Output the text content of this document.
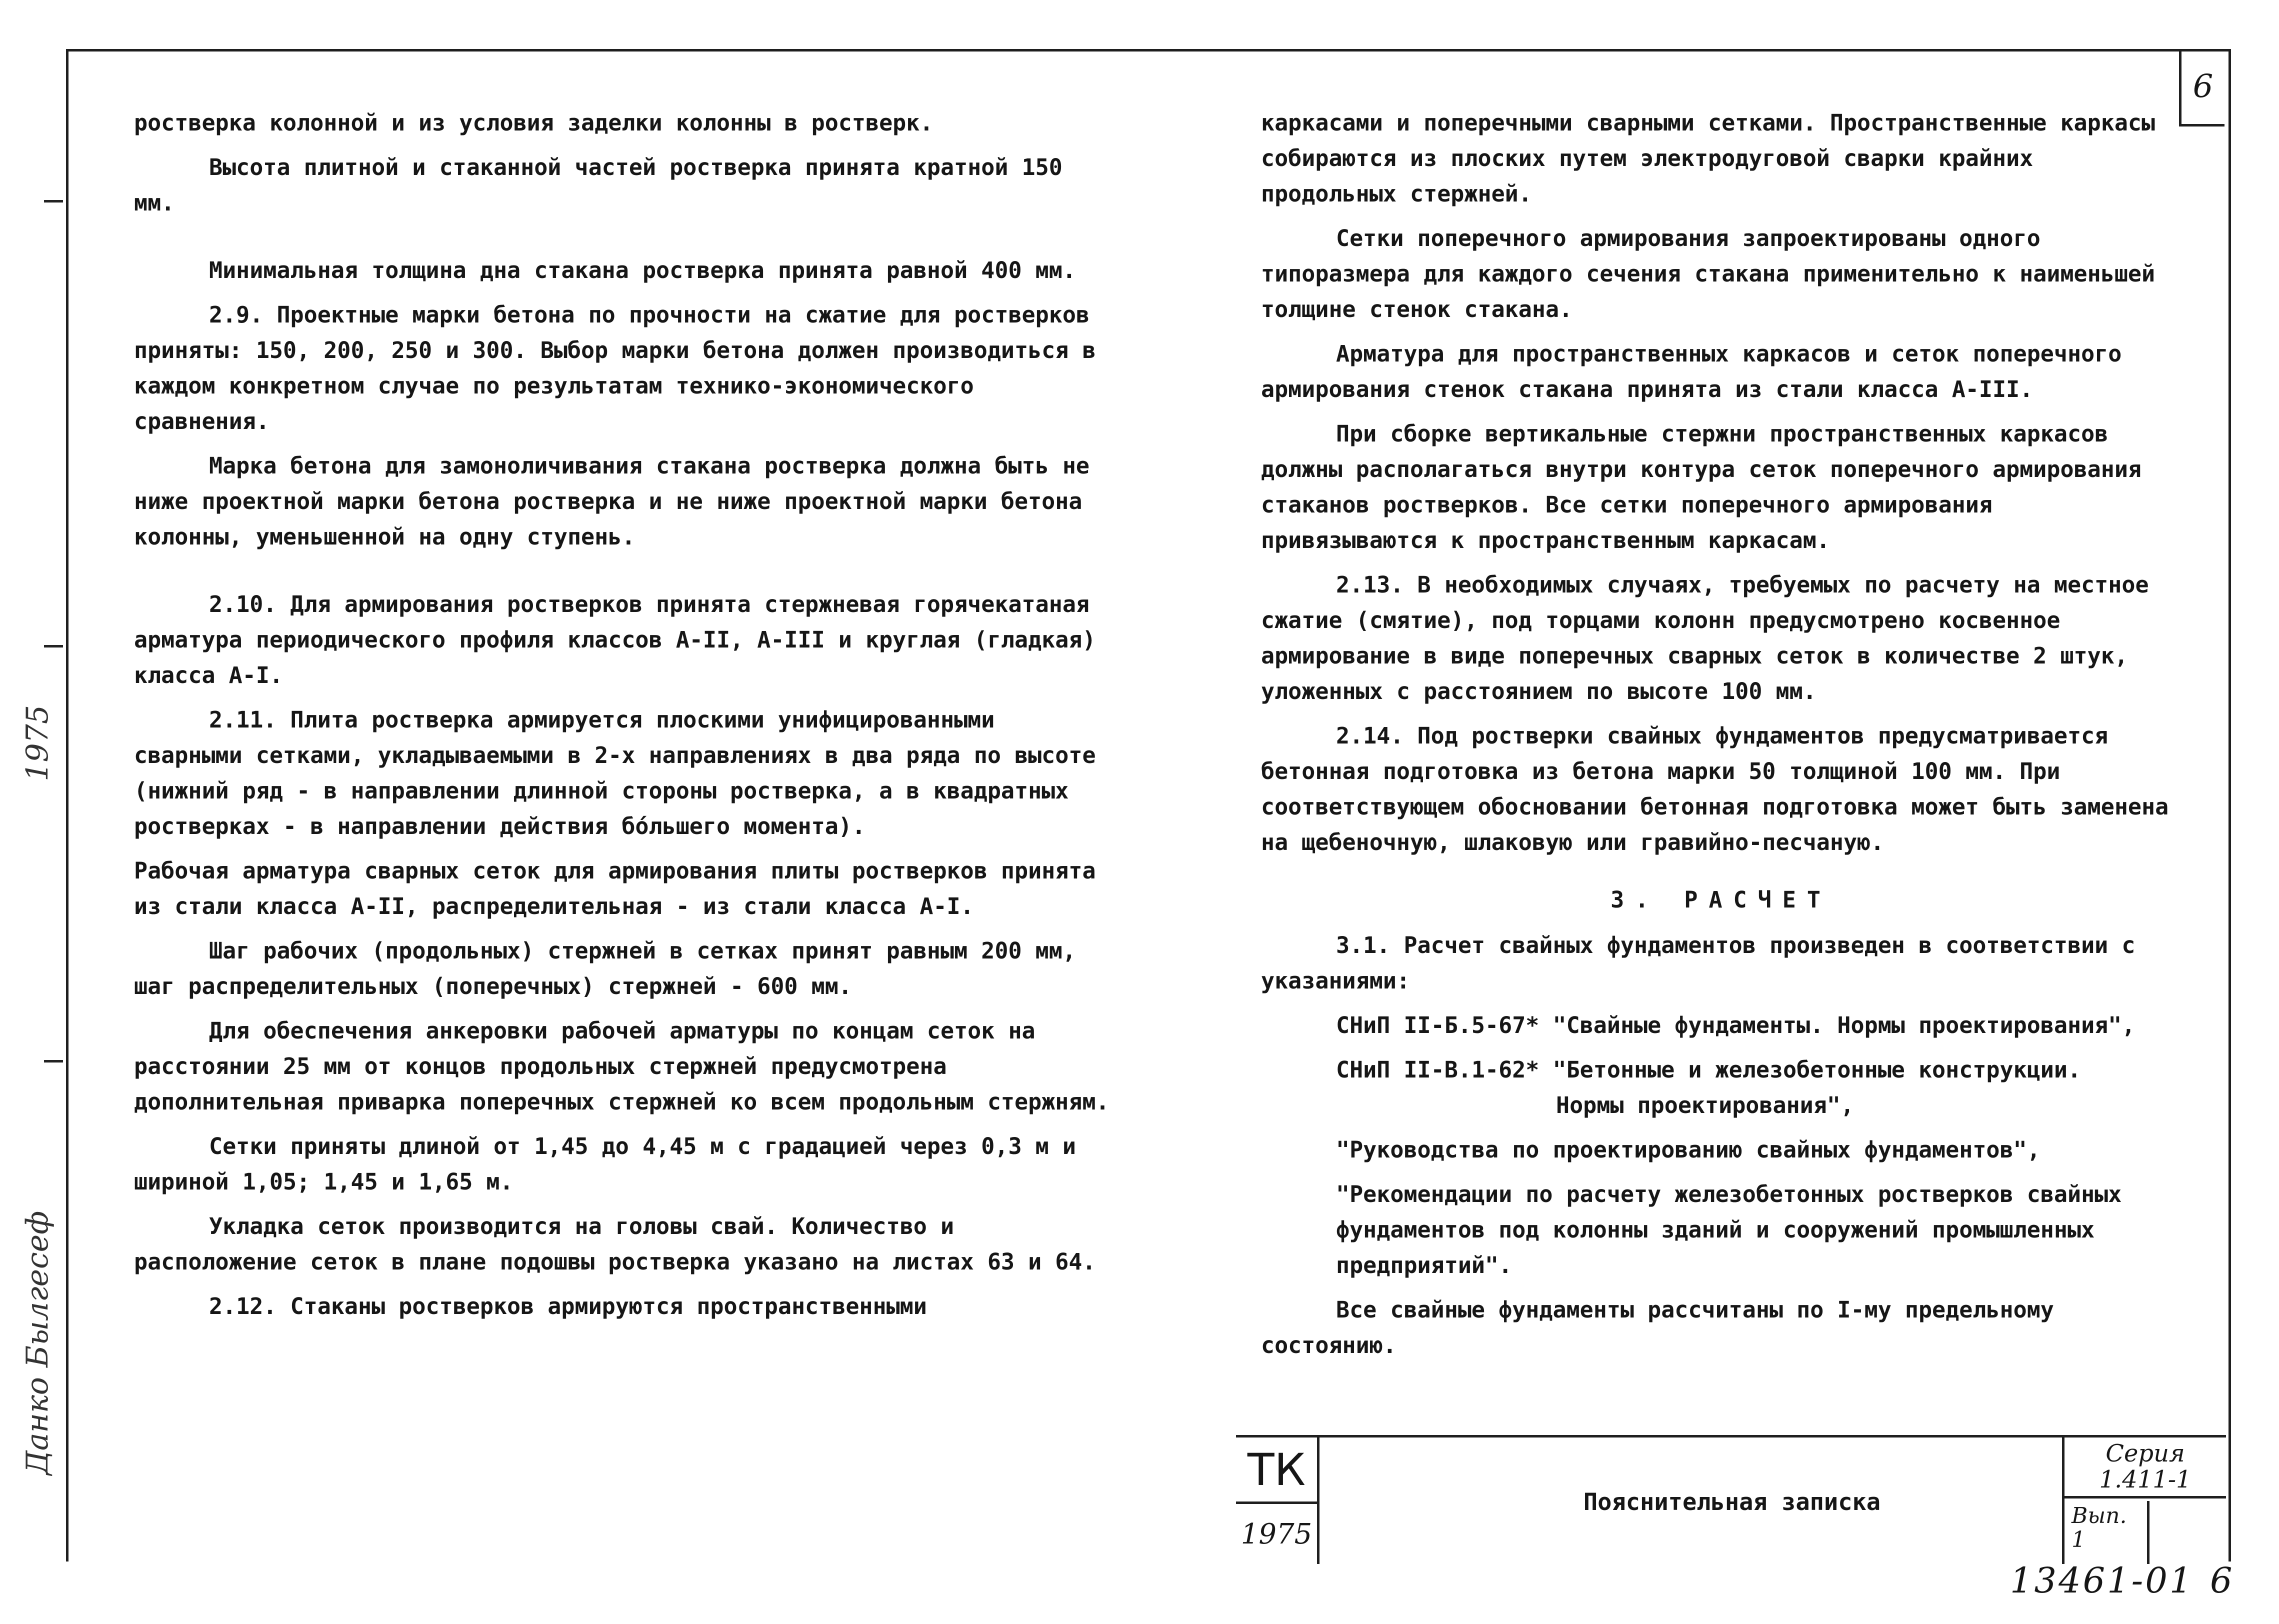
6
Данко Былгесеф
1975

ростверка колонной и из условия заделки колонны в ростверк.

Высота плитной и стаканной частей ростверка принята кратной 150 мм.

Минимальная толщина дна стакана ростверка принята равной 400 мм.

2.9. Проектные марки бетона по прочности на сжатие для ростверков приняты: 150, 200, 250 и 300. Выбор марки бетона должен производиться в каждом конкретном случае по результатам технико-экономического сравнения.

Марка бетона для замоноличивания стакана ростверка должна быть не ниже проектной марки бетона ростверка и не ниже проектной марки бетона колонны, уменьшенной на одну ступень.

2.10. Для армирования ростверков принята стержневая горячекатаная арматура периодического профиля классов А-II, А-III и круглая (гладкая) класса А-I.

2.11. Плита ростверка армируется плоскими унифицированными сварными сетками, укладываемыми в 2-х направлениях в два ряда по высоте (нижний ряд - в направлении длинной стороны ростверка, а в квадратных ростверках - в направлении действия бо́льшего момента).

Рабочая арматура сварных сеток для армирования плиты ростверков принята из стали класса А-II, распределительная - из стали класса А-I.

Шаг рабочих (продольных) стержней в сетках принят равным 200 мм, шаг распределительных (поперечных) стержней - 600 мм.

Для обеспечения анкеровки рабочей арматуры по концам сеток на расстоянии 25 мм от концов продольных стержней предусмотрена дополнительная приварка поперечных стержней ко всем продольным стержням.

Сетки приняты длиной от 1,45 до 4,45 м с градацией через 0,3 м и шириной 1,05; 1,45 и 1,65 м.

Укладка сеток производится на головы свай. Количество и расположение сеток в плане подошвы ростверка указано на листах 63 и 64.

2.12. Стаканы ростверков армируются пространственными

каркасами и поперечными сварными сетками. Пространственные каркасы собираются из плоских путем электродуговой сварки крайних продольных стержней.

Сетки поперечного армирования запроектированы одного типоразмера для каждого сечения стакана применительно к наименьшей толщине стенок стакана.

Арматура для пространственных каркасов и сеток поперечного армирования стенок стакана принята из стали класса А-III.

При сборке вертикальные стержни пространственных каркасов должны располагаться внутри контура сеток поперечного армирования стаканов ростверков. Все сетки поперечного армирования привязываются к пространственным каркасам.

2.13. В необходимых случаях, требуемых по расчету на местное сжатие (смятие), под торцами колонн предусмотрено косвенное армирование в виде поперечных сварных сеток в количестве 2 штук, уложенных с расстоянием по высоте 100 мм.

2.14. Под ростверки свайных фундаментов предусматривается бетонная подготовка из бетона марки 50 толщиной 100 мм. При соответствующем обосновании бетонная подготовка может быть заменена на щебеночную, шлаковую или гравийно-песчаную.

3. РАСЧЕТ

3.1. Расчет свайных фундаментов произведен в соответствии с указаниями:

СНиП II-Б.5-67* "Свайные фундаменты. Нормы проектирования",

СНиП II-В.1-62* "Бетонные и железобетонные конструкции.

Нормы проектирования",

"Руководства по проектированию свайных фундаментов",

"Рекомендации по расчету железобетонных ростверков свайных фундаментов под колонны зданий и сооружений промышленных предприятий".

Все свайные фундаменты рассчитаны по I-му предельному состоянию.

ТК
1975
Пояснительная записка
Серия
1.411-1
Вып.
1
13461-01 6
